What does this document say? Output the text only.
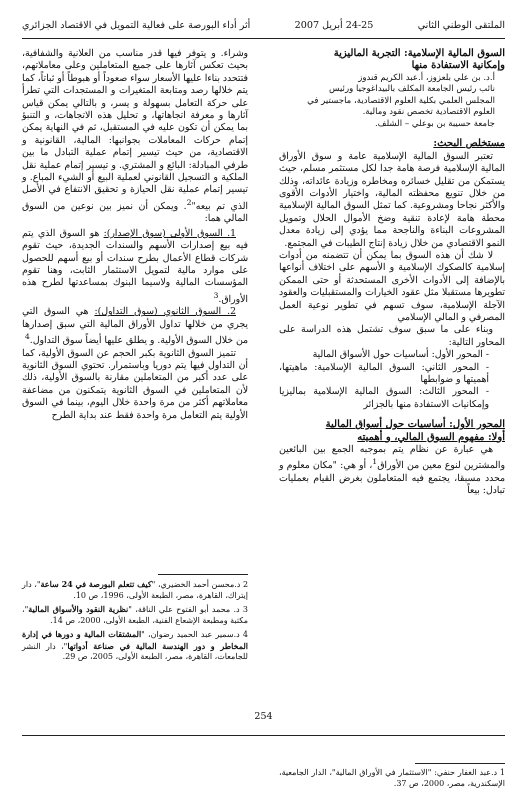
الملتقى الوطني الثاني
24-25 أبريل 2007
أثر أداء البورصة على فعالية التمويل في الاقتصاد الجزائري

السوق المالية الإسلامية: التجربة الماليزية

وإمكانية الاستفادة منها

أ.د. بن علي بلعزوز، أ.عبد الكريم قندوز

نائب رئيس الجامعة المكلف بالبيداغوجيا ورئيس

المجلس العلمي بكلية العلوم الاقتصادية، ماجستير في

العلوم الاقتصادية تخصص نقود ومالية.

جامعة حسيبة بن بوعلي – الشلف.

مستخلص البحث:

تعتبر السوق المالية الإسلامية عامة و سوق الأوراق المالية الإسلامية فرصة هامة جدا لكل مستثمر مسلم، حيث يستمكن من تقليل خسائره ومخاطره وزيادة عائداته، وذلك من خلال تنويع محفظته المالية، واختيار الأدوات الأقوى والأكثر نجاحا ومشروعية. كما تمثل السوق المالية الإسلامية محطة هامة لإعادة تنقية وضخ الأموال الحلال وتمويل المشروعات البناءة والناجحة مما يؤدي إلى زيادة معدل النمو الاقتصادي من خلال زيادة إنتاج الطيبات في المجتمع.

لا شك أن هذه السوق بما يمكن أن تتضمنه من أدوات إسلامية كالصكوك الإسلامية و الأسهم على اختلاف أنواعها بالإضافة إلى الأدوات الأخرى المستحدثة أو حتى الممكن تطويرها مستقبلا مثل عقود الخيارات والمستقبليات والعقود الآجلة الإسلامية، سوف تسهم في تطوير نوعية العمل المصرفي و المالي الإسلامي

وبناء على ما سبق سوف تشتمل هذه الدراسة على المحاور التالية:

- المحور الأول: أساسيات حول الأسواق المالية

- المحور الثاني: السوق المالية الإسلامية: ماهيتها، أهميتها و ضوابطها

- المحور الثالث: السوق المالية الإسلامية بماليزيا وإمكانيات الاستفادة منها بالجزائر

المحور الأول: أساسيات حول أسواق المالية

أولا: مفهوم السوق المالي، و أهميته

هي عبارة عن نظام يتم بموجبه الجمع بين البائعين والمشترين لنوع معين من الأوراق$^1$، أو هي: "مكان معلوم و محدد مسبقا، يجتمع فيه المتعاملون بغرض القيام بعمليات تبادل: بيعاً

1 د.عبد الغفار حنفي: "الاستثمار في الأوراق المالية"، الدار الجامعية، الإسكندرية، مصر، 2000، ص 37.

وشراء. و يتوفر فيها قدر مناسب من العلانية والشفافية، بحيث تعكس آثارها على جميع المتعاملين وعلى معاملاتهم، فتتحدد بناءا عليها الأسعار سواء صعوداً أو هبوطاً أو ثباتاً، كما يتم خلالها رصد ومتابعة المتغيرات و المستجدات التي تطرأ على حركة التعامل بسهولة و يسر، و بالتالي يمكن قياس آثارها و معرفة اتجاهاتها، و تحليل هذه الاتجاهات، و التنبؤ بما يمكن أن تكون عليه في المستقبل، ثم في النهاية يمكن إتمام حركات المعاملات بجوانبها: المالية، القانونية و الاقتصادية، من حيث تيسير إتمام عملية التبادل ما بين طرفي المبادلة: البائع و المشتري. و تيسير إتمام عملية نقل الملكية و التسجيل القانوني لعملية البيع أو الشيء المباع. و تيسير إتمام عملية نقل الحيازة و تحقيق الانتفاع في الأصل الذي تم بيعه"$^2$. ويمكن أن نميز بين نوعين من السوق المالي هما:

1. السوق الأولى (سوق الإصدار): هو السوق الذي يتم فيه بيع إصدارات الأسهم والسندات الجديدة، حيث تقوم شركات قطاع الأعمال بطرح سندات أو بيع أسهم للحصول على موارد مالية لتمويل الاستثمار الثابت، وهنا تقوم المؤسسات المالية ولاسيما البنوك بمساعدتها لطرح هذه الأوراق.$^3$

2. السوق الثانوي (سوق التداول): هي السوق التي يجري من خلالها تداول الأوراق المالية التي سبق إصدارها من خلال السوق الأولية. و يطلق عليها أيضاً سوق التداول.$^4$

تتميز السوق الثانوية بكبر الحجم عن السوق الأولية، كما أن التداول فيها يتم دوريا وباستمرار. تحتوي السوق الثانوية على عدد أكبر من المتعاملين مقارنة بالسوق الأولية، ذلك لأن المتعاملين في السوق الثانوية يتمكنون من مضاعفة معاملاتهم أكثر من مرة واحدة خلال اليوم، بينما في السوق الأولية يتم التعامل مرة واحدة فقط عند بداية الطرح

2 د.محسن أحمد الخضيري، "كيف تتعلم البورصة في 24 ساعة"، دار إيتراك، القاهرة، مصر، الطبعة الأولى، 1996، ص 10.

3 د. محمد أبو الفتوح علي الناقة، "نظرية النقود والأسواق المالية"، مكتبة ومطبعة الإشعاع الفنية، الطبعة الأولى، 2000، ص 14.

4 د.سمير عبد الحميد رضوان، "المشتقات المالية و دورها في إدارة المخاطر و دور الهندسة المالية في صناعة أدواتها"، دار النشر للجامعات، القاهرة، مصر، الطبعة الأولى، 2005، ص 29.

254
